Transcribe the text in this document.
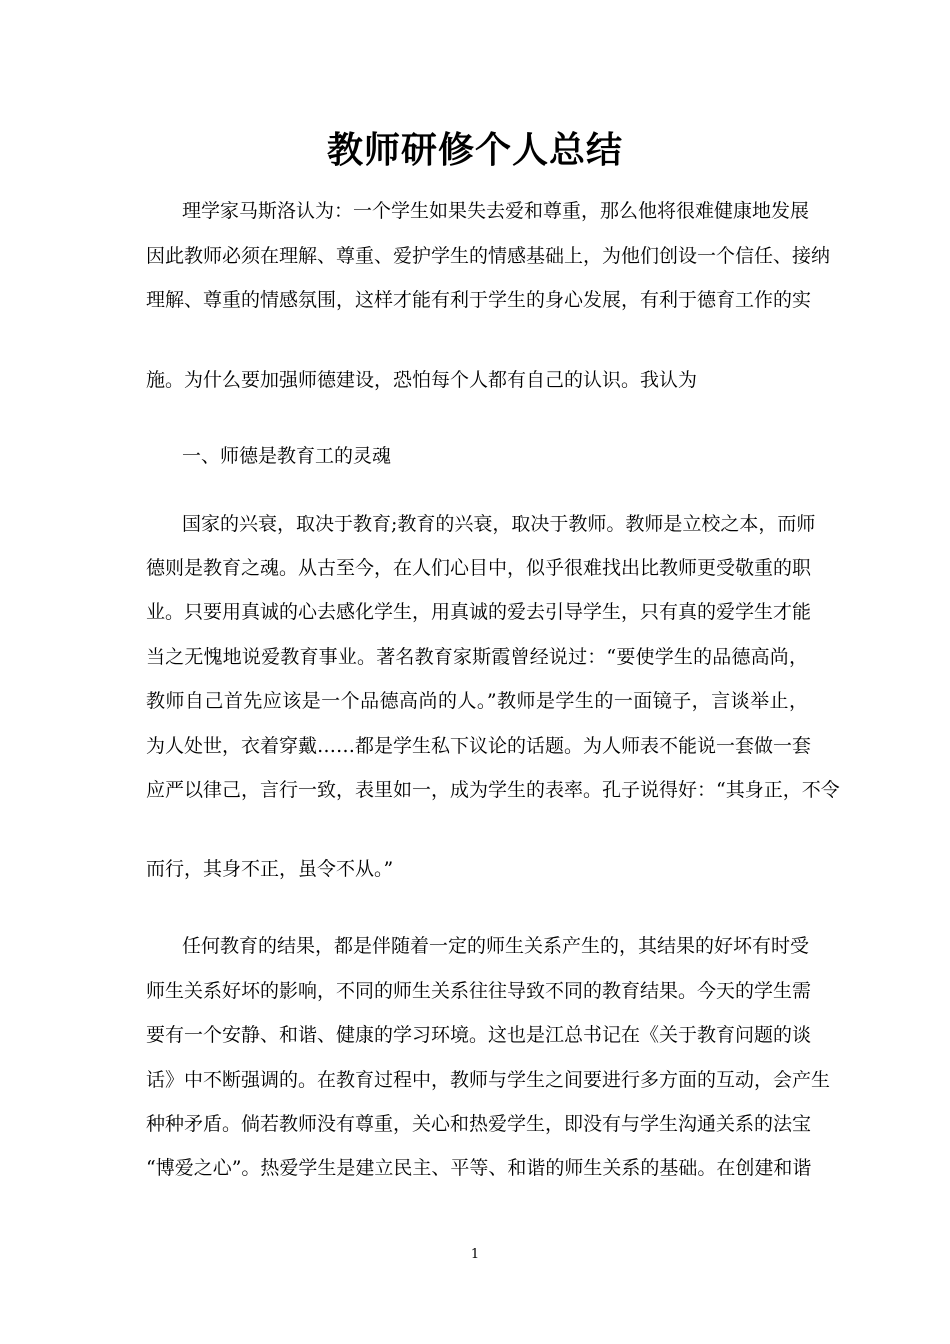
教师研修个人总结
理学家马斯洛认为：一个学生如果失去爱和尊重，那么他将很难健康地发展
因此教师必须在理解、尊重、爱护学生的情感基础上，为他们创设一个信任、接纳
理解、尊重的情感氛围，这样才能有利于学生的身心发展，有利于德育工作的实
施。为什么要加强师德建设，恐怕每个人都有自己的认识。我认为
一、师德是教育工的灵魂
国家的兴衰，取决于教育;教育的兴衰，取决于教师。教师是立校之本，而师
德则是教育之魂。从古至今，在人们心目中，似乎很难找出比教师更受敬重的职
业。只要用真诚的心去感化学生，用真诚的爱去引导学生，只有真的爱学生才能
当之无愧地说爱教育事业。著名教育家斯霞曾经说过：“要使学生的品德高尚，
教师自己首先应该是一个品德高尚的人。”教师是学生的一面镜子，言谈举止，
为人处世，衣着穿戴……都是学生私下议论的话题。为人师表不能说一套做一套
应严以律己，言行一致，表里如一，成为学生的表率。孔子说得好：“其身正，不令
而行，其身不正，虽令不从。”
任何教育的结果，都是伴随着一定的师生关系产生的，其结果的好坏有时受
师生关系好坏的影响，不同的师生关系往往导致不同的教育结果。今天的学生需
要有一个安静、和谐、健康的学习环境。这也是江总书记在《关于教育问题的谈
话》中不断强调的。在教育过程中，教师与学生之间要进行多方面的互动，会产生
种种矛盾。倘若教师没有尊重，关心和热爱学生，即没有与学生沟通关系的法宝
“博爱之心”。热爱学生是建立民主、平等、和谐的师生关系的基础。在创建和谐
1
